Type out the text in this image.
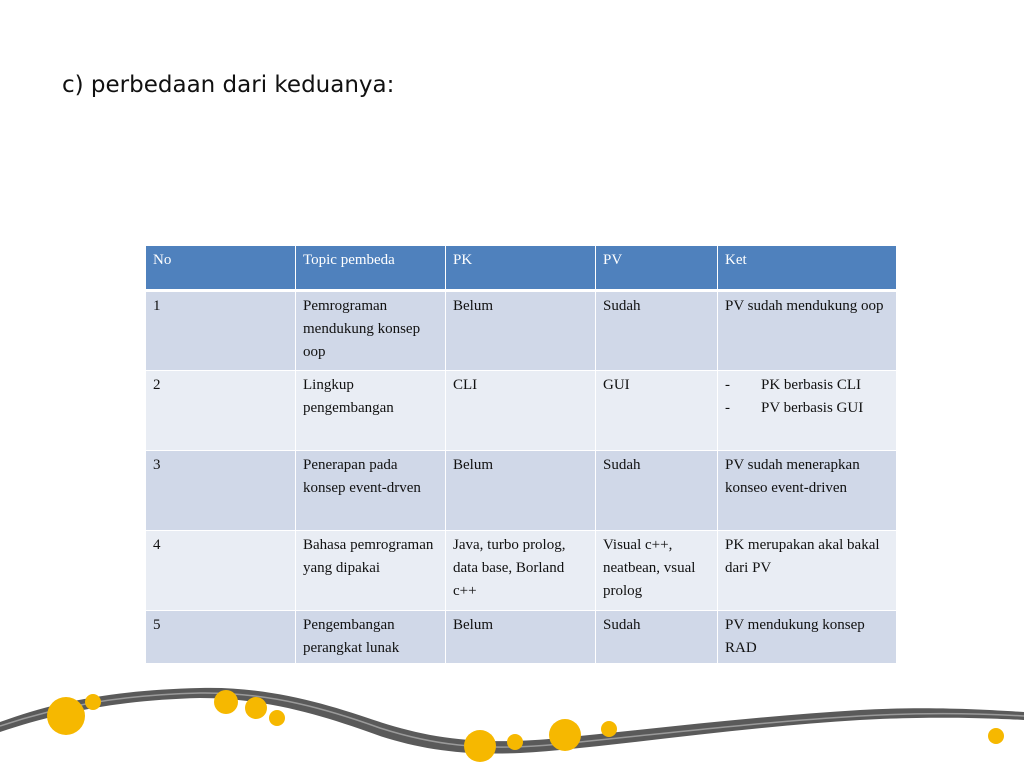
c) perbedaan dari keduanya:
No	Topic pembeda	PK	PV	Ket
1	Pemrograman mendukung konsep oop	Belum	Sudah	PV sudah mendukung oop
2	Lingkup pengembangan	CLI	GUI	- PK berbasis CLI
- PV berbasis GUI

3	Penerapan pada konsep event-drven	Belum	Sudah	PV sudah menerapkan konseo event-driven
4	Bahasa pemrograman yang dipakai	Java, turbo prolog, data base, Borland c++	Visual c++, neatbean, vsual prolog	PK merupakan akal bakal dari PV
5	Pengembangan perangkat lunak	Belum	Sudah	PV mendukung konsep RAD
